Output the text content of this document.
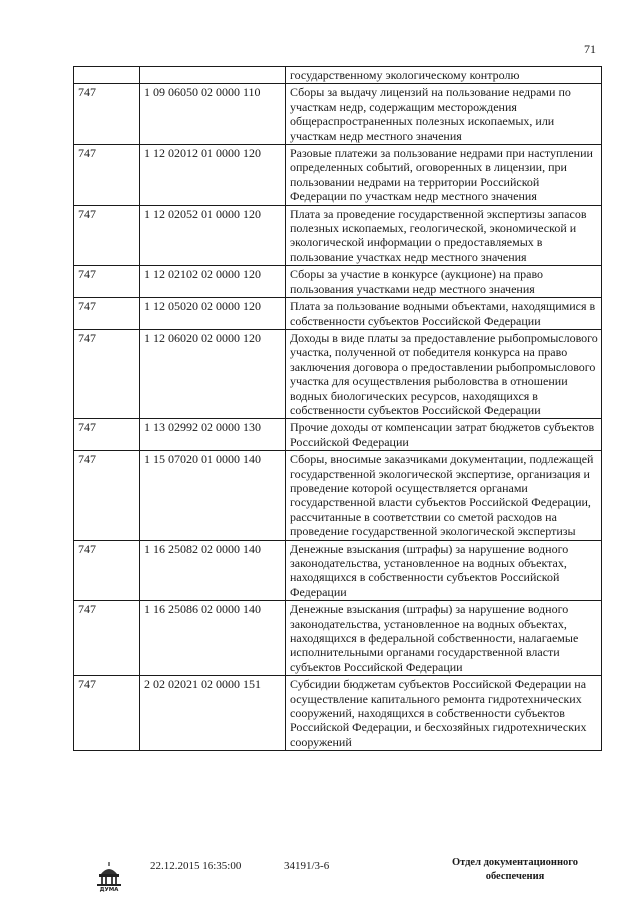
71
		государственному экологическому контролю
747	1 09 06050 02 0000 110	Сборы за выдачу лицензий на пользование недрами по участкам недр, содержащим месторождения общераспространенных полезных ископаемых, или участкам недр местного значения
747	1 12 02012 01 0000 120	Разовые платежи за пользование недрами при наступлении определенных событий, оговоренных в лицензии, при пользовании недрами на территории Российской Федерации по участкам недр местного значения
747	1 12 02052 01 0000 120	Плата за проведение государственной экспертизы запасов полезных ископаемых, геологической, экономической и экологической информации о предоставляемых в пользование участках недр местного значения
747	1 12 02102 02 0000 120	Сборы за участие в конкурсе (аукционе) на право пользования участками недр местного значения
747	1 12 05020 02 0000 120	Плата за пользование водными объектами, находящимися в собственности субъектов Российской Федерации
747	1 12 06020 02 0000 120	Доходы в виде платы за предоставление рыбопромыслового участка, полученной от победителя конкурса на право заключения договора о предоставлении рыбопромыслового участка для осуществления рыболовства в отношении водных биологических ресурсов, находящихся в собственности субъектов Российской Федерации
747	1 13 02992 02 0000 130	Прочие доходы от компенсации затрат бюджетов субъектов Российской Федерации
747	1 15 07020 01 0000 140	Сборы, вносимые заказчиками документации, подлежащей государственной экологической экспертизе, организация и проведение которой осуществляется органами государственной власти субъектов Российской Федерации, рассчитанные в соответствии со сметой расходов на проведение государственной экологической экспертизы
747	1 16 25082 02 0000 140	Денежные взыскания (штрафы) за нарушение водного законодательства, установленное на водных объектах, находящихся в собственности субъектов Российской Федерации
747	1 16 25086 02 0000 140	Денежные взыскания (штрафы) за нарушение водного законодательства, установленное на водных объектах, находящихся в федеральной собственности, налагаемые исполнительными органами государственной власти субъектов Российской Федерации
747	2 02 02021 02 0000 151	Субсидии бюджетам субъектов Российской Федерации на осуществление капитального ремонта гидротехнических сооружений, находящихся в собственности субъектов Российской Федерации, и бесхозяйных гидротехнических сооружений
ДУМА
22.12.2015 16:35:00	34191/3-6	Отдел документационного
обеспечения
